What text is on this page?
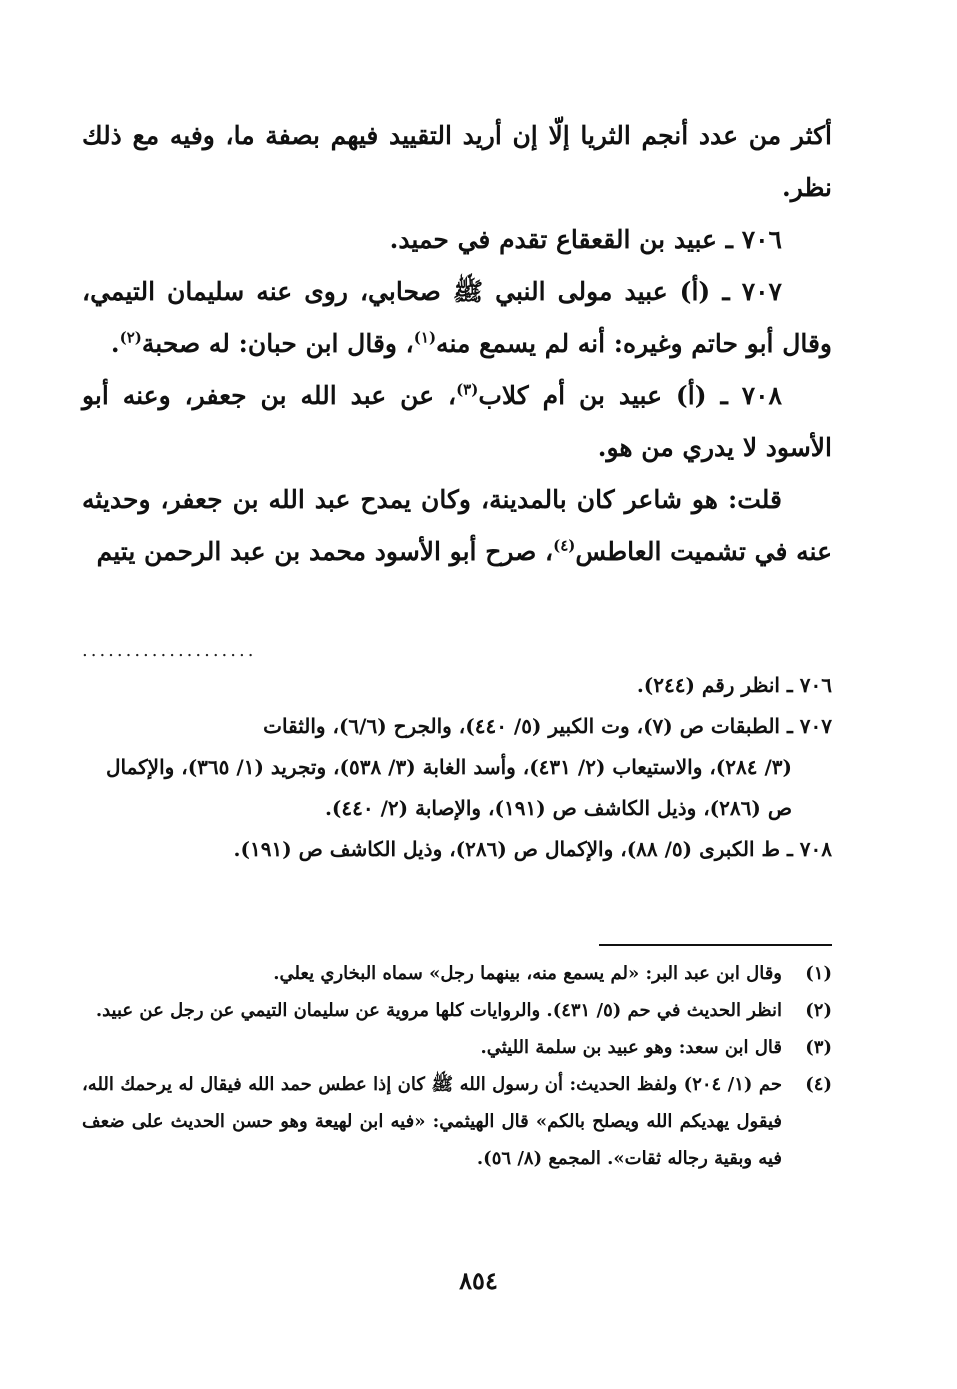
أكثر من عدد أنجم الثريا إلّا إن أريد التقييد فيهم بصفة ما، وفيه مع ذلك نظر.

٧٠٦ ـ عبيد بن القعقاع تقدم في حميد.

٧٠٧ ـ (أ) عبيد مولى النبي ﷺ صحابي، روى عنه سليمان التيمي، وقال أبو حاتم وغيره: أنه لم يسمع منه$^{(١)}$، وقال ابن حبان: له صحبة$^{(٢)}$.

٧٠٨ ـ (أ) عبيد بن أم كلاب$^{(٣)}$، عن عبد الله بن جعفر، وعنه أبو الأسود لا يدري من هو.

قلت: هو شاعر كان بالمدينة، وكان يمدح عبد الله بن جعفر، وحديثه عنه في تشميت العاطس$^{(٤)}$، صرح أبو الأسود محمد بن عبد الرحمن يتيم

....................

٧٠٦ ـ انظر رقم (٢٤٤).

٧٠٧ ـ الطبقات ص (٧)، وت الكبير (٥/ ٤٤٠)، والجرح (٦/٦)، والثقات
(٣/ ٢٨٤)، والاستيعاب (٢/ ٤٣١)، وأسد الغابة (٣/ ٥٣٨)، وتجريد (١/ ٣٦٥)، والإكمال ص (٢٨٦)، وذيل الكاشف ص (١٩١)، والإصابة (٢/ ٤٤٠).

٧٠٨ ـ ط الكبرى (٥/ ٨٨)، والإكمال ص (٢٨٦)، وذيل الكاشف ص (١٩١).

(١)
وقال ابن عبد البر: «لم يسمع منه، بينهما رجل» سماه البخاري يعلي.

(٢)
انظر الحديث في حم (٥/ ٤٣١). والروايات كلها مروية عن سليمان التيمي عن رجل عن عبيد.

(٣)
قال ابن سعد: وهو عبيد بن سلمة الليثي.

(٤)
حم (١/ ٢٠٤) ولفظ الحديث: أن رسول الله ﷺ كان إذا عطس حمد الله فيقال له يرحمك الله، فيقول يهديكم الله ويصلح بالكم» قال الهيثمي: «فيه ابن لهيعة وهو حسن الحديث على ضعف فيه وبقية رجاله ثقات». المجمع (٨/ ٥٦).

٨٥٤
